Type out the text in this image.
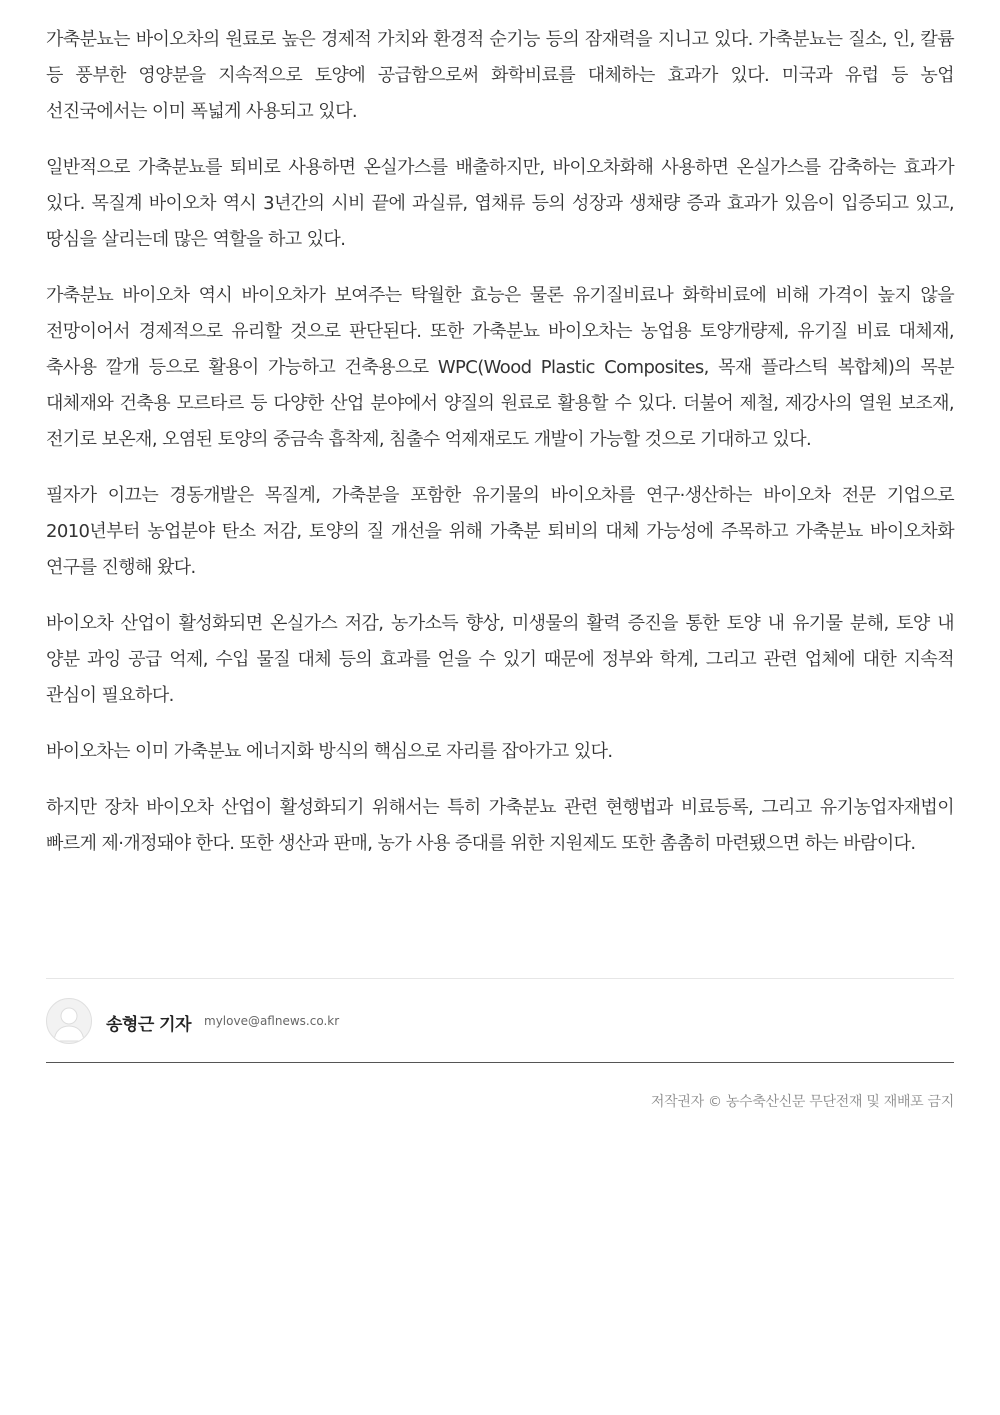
가축분뇨는 바이오차의 원료로 높은 경제적 가치와 환경적 순기능 등의 잠재력을 지니고 있다. 가축분뇨는 질소, 인, 칼륨 등 풍부한 영양분을 지속적으로 토양에 공급함으로써 화학비료를 대체하는 효과가 있다. 미국과 유럽 등 농업 선진국에서는 이미 폭넓게 사용되고 있다.

일반적으로 가축분뇨를 퇴비로 사용하면 온실가스를 배출하지만, 바이오차화해 사용하면 온실가스를 감축하는 효과가 있다. 목질계 바이오차 역시 3년간의 시비 끝에 과실류, 엽채류 등의 성장과 생채량 증과 효과가 있음이 입증되고 있고, 땅심을 살리는데 많은 역할을 하고 있다.

가축분뇨 바이오차 역시 바이오차가 보여주는 탁월한 효능은 물론 유기질비료나 화학비료에 비해 가격이 높지 않을 전망이어서 경제적으로 유리할 것으로 판단된다. 또한 가축분뇨 바이오차는 농업용 토양개량제, 유기질 비료 대체재, 축사용 깔개 등으로 활용이 가능하고 건축용으로 WPC(Wood Plastic Composites, 목재 플라스틱 복합체)의 목분 대체재와 건축용 모르타르 등 다양한 산업 분야에서 양질의 원료로 활용할 수 있다. 더불어 제철, 제강사의 열원 보조재, 전기로 보온재, 오염된 토양의 중금속 흡착제, 침출수 억제재로도 개발이 가능할 것으로 기대하고 있다.

필자가 이끄는 경동개발은 목질계, 가축분을 포함한 유기물의 바이오차를 연구·생산하는 바이오차 전문 기업으로 2010년부터 농업분야 탄소 저감, 토양의 질 개선을 위해 가축분 퇴비의 대체 가능성에 주목하고 가축분뇨 바이오차화 연구를 진행해 왔다.

바이오차 산업이 활성화되면 온실가스 저감, 농가소득 향상, 미생물의 활력 증진을 통한 토양 내 유기물 분해, 토양 내 양분 과잉 공급 억제, 수입 물질 대체 등의 효과를 얻을 수 있기 때문에 정부와 학계, 그리고 관련 업체에 대한 지속적 관심이 필요하다.

바이오차는 이미 가축분뇨 에너지화 방식의 핵심으로 자리를 잡아가고 있다.

하지만 장차 바이오차 산업이 활성화되기 위해서는 특히 가축분뇨 관련 현행법과 비료등록, 그리고 유기농업자재법이 빠르게 제·개정돼야 한다. 또한 생산과 판매, 농가 사용 증대를 위한 지원제도 또한 촘촘히 마련됐으면 하는 바람이다.

송형근 기자 mylove@aflnews.co.kr
저작권자 © 농수축산신문 무단전재 및 재배포 금지
